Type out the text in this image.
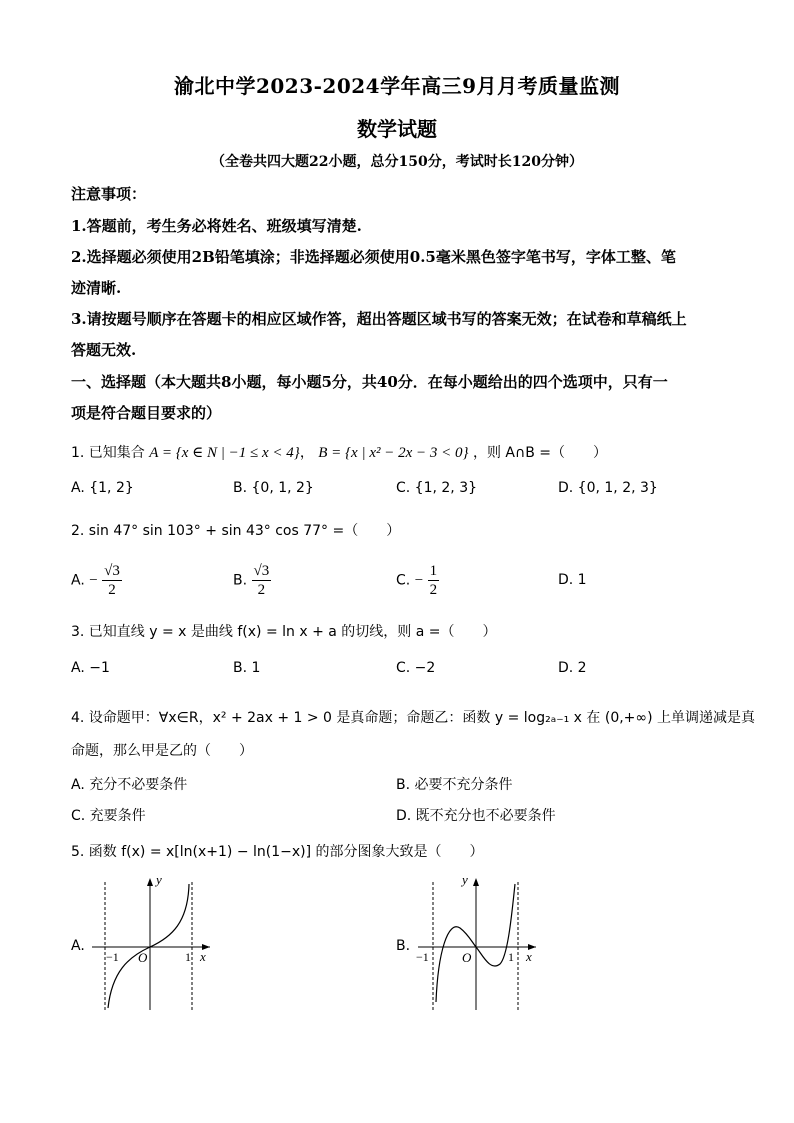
渝北中学2023-2024学年高三9月月考质量监测
数学试题
（全卷共四大题22小题，总分150分，考试时长120分钟）
注意事项：
1.答题前，考生务必将姓名、班级填写清楚.
2.选择题必须使用2B铅笔填涂；非选择题必须使用0.5毫米黑色签字笔书写，字体工整、笔
迹清晰.
3.请按题号顺序在答题卡的相应区域作答，超出答题区域书写的答案无效；在试卷和草稿纸上
答题无效.
一、选择题（本大题共8小题，每小题5分，共40分．在每小题给出的四个选项中，只有一
项是符合题目要求的）
1. 已知集合 A = {x ∈ N | −1 ≤ x < 4}， B = {x | x² − 2x − 3 < 0} ，则 A∩B =（　　）
A. {1, 2}	B. {0, 1, 2}	C. {1, 2, 3}	D. {0, 1, 2, 3}
2. sin 47° sin 103° + sin 43° cos 77° =（　　）
A. − $\frac{√3}{2}$	B. $\frac{√3}{2}$	C. − $\frac{1}{2}$	D. 1
3. 已知直线 y = x 是曲线 f(x) = ln x + a 的切线，则 a =（　　）
A. −1	B. 1	C. −2	D. 2
4. 设命题甲：∀x∈R，x² + 2ax + 1 > 0 是真命题；命题乙：函数 y = log₂ₐ₋₁ x 在 (0,+∞) 上单调递减是真
命题，那么甲是乙的（　　）
A. 充分不必要条件	B. 必要不充分条件
C. 充要条件	D. 既不充分也不必要条件
5. 函数 f(x) = x[ln(x+1) − ln(1−x)] 的部分图象大致是（　　）
A.
y
x
O
−1	1
B.
y
x
O
−1	1
